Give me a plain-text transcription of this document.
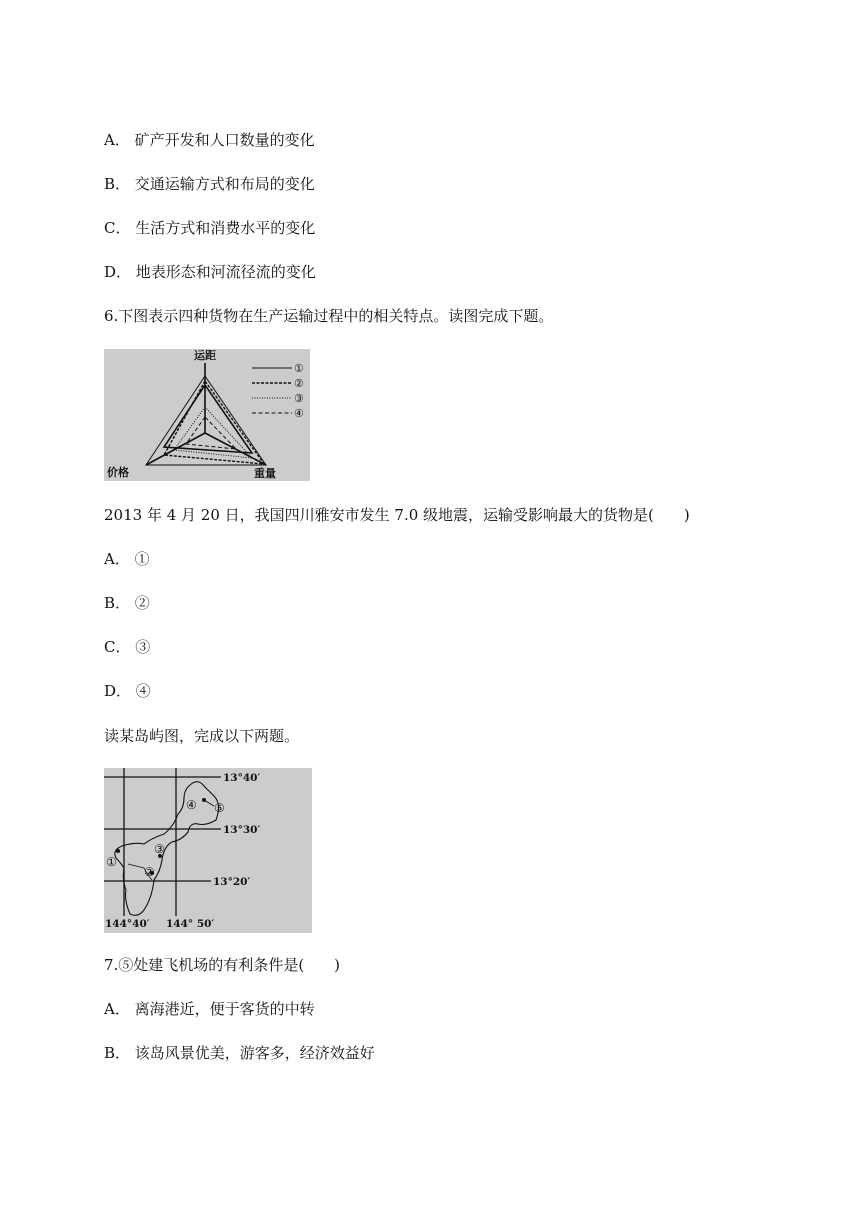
A． 矿产开发和人口数量的变化
B． 交通运输方式和布局的变化
C． 生活方式和消费水平的变化
D． 地表形态和河流径流的变化
6.下图表示四种货物在生产运输过程中的相关特点。读图完成下题。
运距
价格	重量
①
②
③
④
2013 年 4 月 20 日，我国四川雅安市发生 7.0 级地震，运输受影响最大的货物是(　　)
A． ①
B． ②
C． ③
D． ④
读某岛屿图，完成以下两题。
①
②
③
④ ⑤
13°40′
13°30′
13°20′
144°40′ 144° 50′
7.⑤处建飞机场的有利条件是(　　)
A． 离海港近，便于客货的中转
B． 该岛风景优美，游客多，经济效益好
